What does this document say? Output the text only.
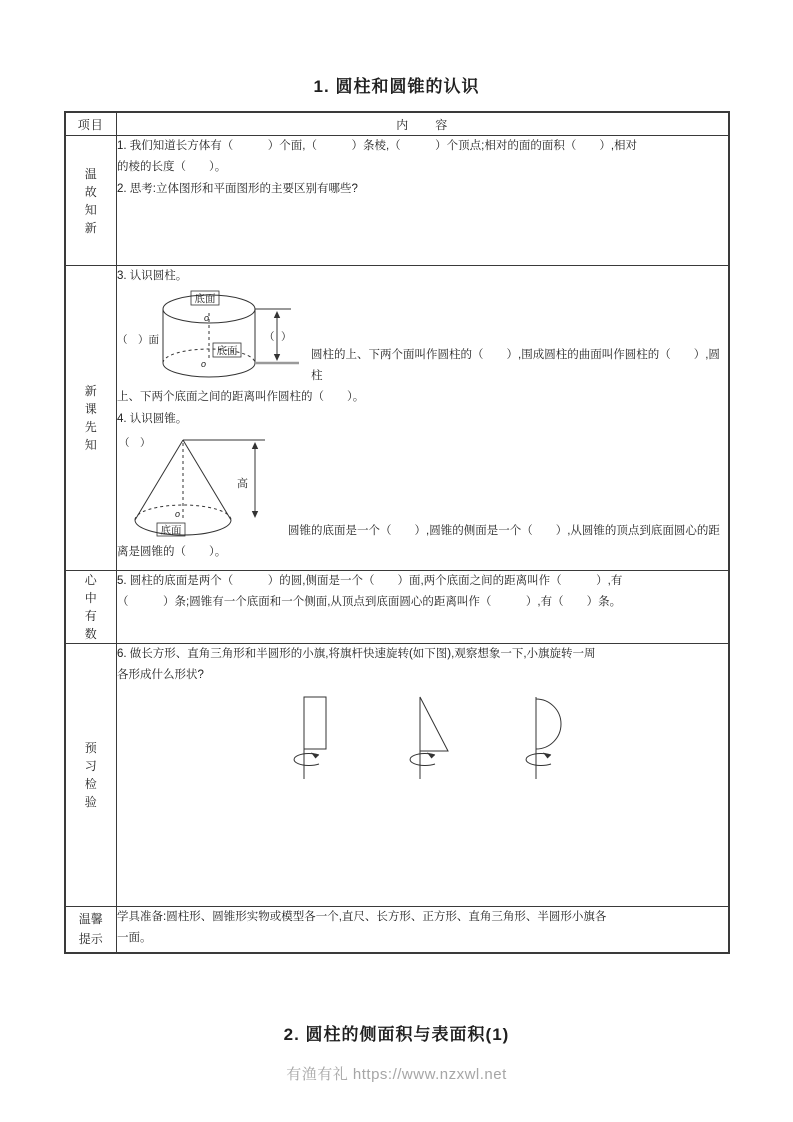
1. 圆柱和圆锥的认识
项目	内　　容

温故知新	1. 我们知道长方体有（　　　）个面,（　　　）条棱,（　　　）个顶点;相对的面的面积（　　）,相对
的棱的长度（　　）。
2. 思考:立体图形和平面图形的主要区别有哪些?

新课先知

3. 认识圆柱。
（　）面
底面
o
底面
o
（ ）
圆柱的上、下两个面叫作圆柱的（　　）,围成圆柱的曲面叫作圆柱的（　　）,圆柱
上、下两个底面之间的距离叫作圆柱的（　　）。
4. 认识圆锥。
（　）
o
底面
高
圆锥的底面是一个（　　）,圆锥的侧面是一个（　　）,从圆锥的顶点到底面圆心的距
离是圆锥的（　　）。

心中有数	5. 圆柱的底面是两个（　　　）的圆,侧面是一个（　　）面,两个底面之间的距离叫作（　　　）,有
（　　　）条;圆锥有一个底面和一个侧面,从顶点到底面圆心的距离叫作（　　　）,有（　　）条。

预习检验	6. 做长方形、直角三角形和半圆形的小旗,将旗杆快速旋转(如下图),观察想象一下,小旗旋转一周
各形成什么形状?

温馨提示	学具准备:圆柱形、圆锥形实物或模型各一个,直尺、长方形、正方形、直角三角形、半圆形小旗各
一面。
2. 圆柱的侧面积与表面积(1)
有渔有礼 https://www.nzxwl.net
